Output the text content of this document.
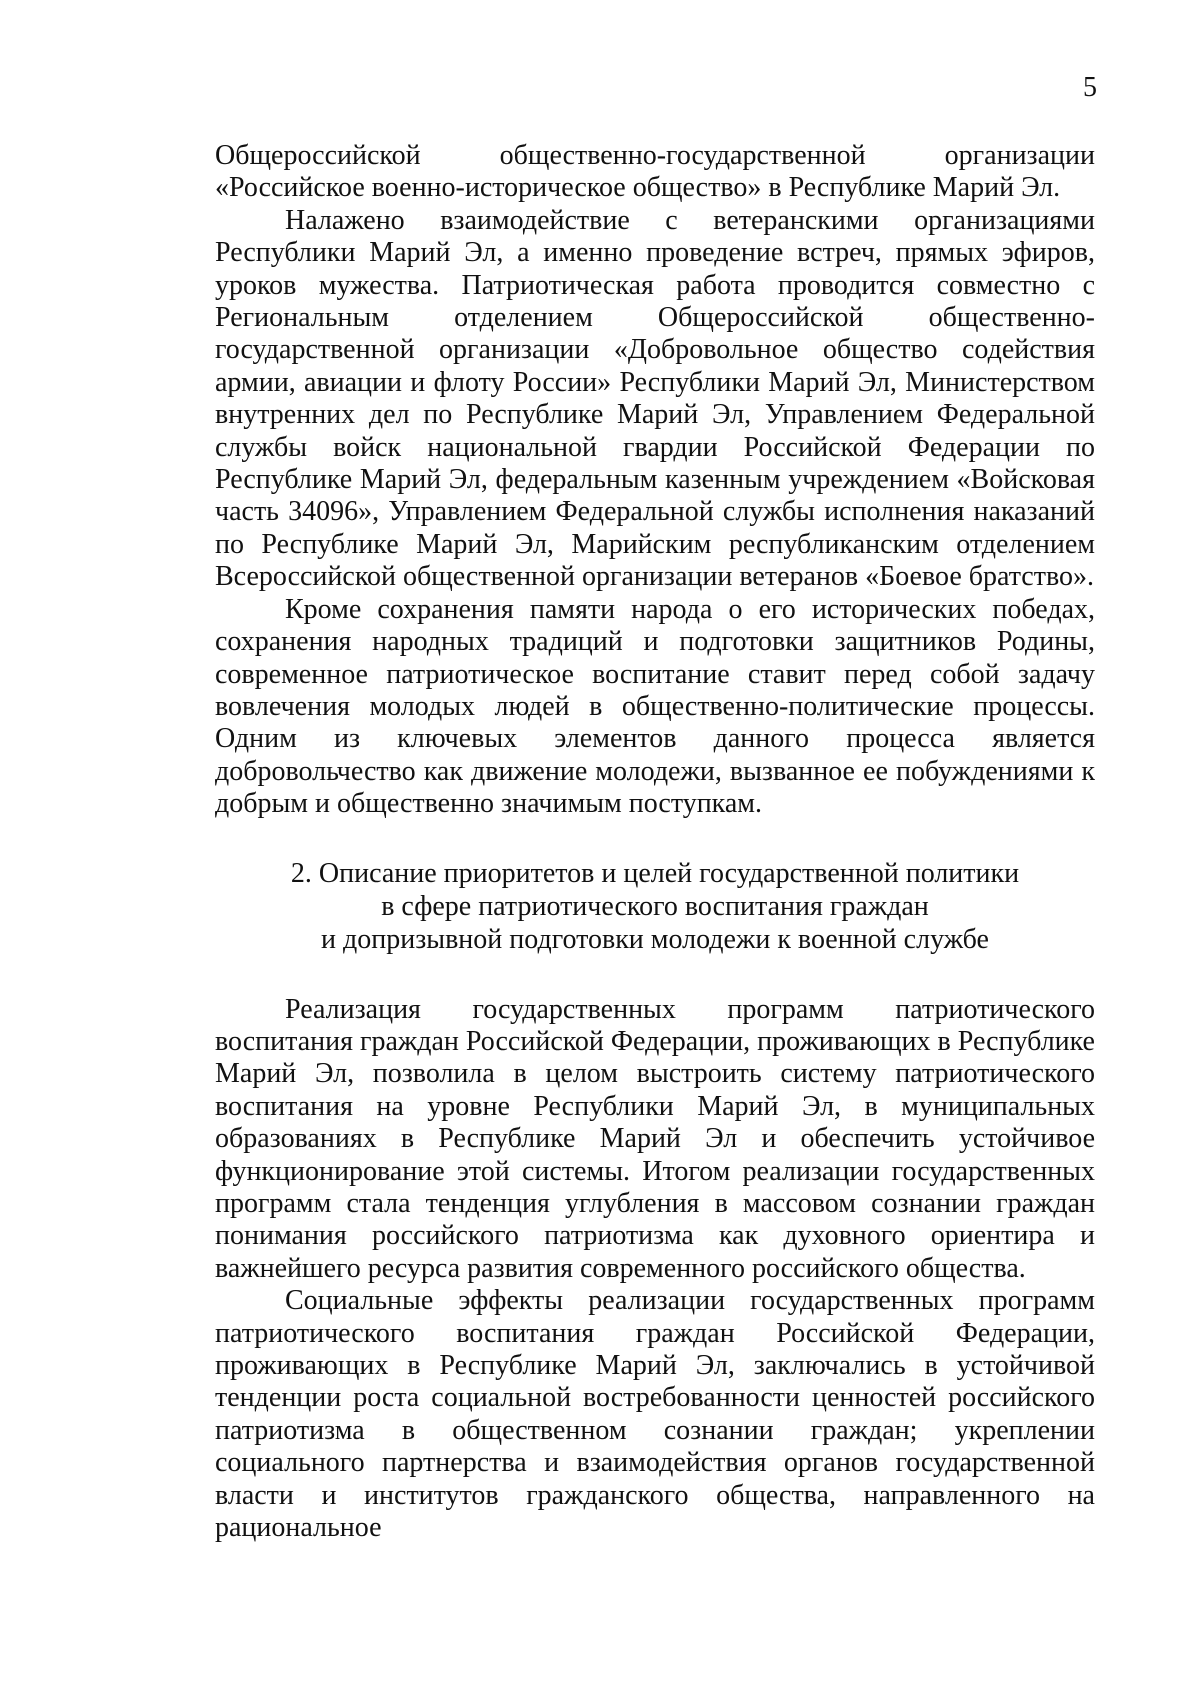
5

Общероссийской общественно-государственной организации «Российское военно-историческое общество» в Республике Марий Эл.

Налажено взаимодействие с ветеранскими организациями Республики Марий Эл, а именно проведение встреч, прямых эфиров, уроков мужества. Патриотическая работа проводится совместно с Региональным отделением Общероссийской общественно-государственной организации «Добровольное общество содействия армии, авиации и флоту России» Республики Марий Эл, Министерством внутренних дел по Республике Марий Эл, Управлением Федеральной службы войск национальной гвардии Российской Федерации по Республике Марий Эл, федеральным казенным учреждением «Войсковая часть 34096», Управлением Федеральной службы исполнения наказаний по Республике Марий Эл, Марийским республиканским отделением Всероссийской общественной организации ветеранов «Боевое братство».

Кроме сохранения памяти народа о его исторических победах, сохранения народных традиций и подготовки защитников Родины, современное патриотическое воспитание ставит перед собой задачу вовлечения молодых людей в общественно-политические процессы. Одним из ключевых элементов данного процесса является добровольчество как движение молодежи, вызванное ее побуждениями к добрым и общественно значимым поступкам.

2. Описание приоритетов и целей государственной политики
в сфере патриотического воспитания граждан
и допризывной подготовки молодежи к военной службе

Реализация государственных программ патриотического воспитания граждан Российской Федерации, проживающих в Республике Марий Эл, позволила в целом выстроить систему патриотического воспитания на уровне Республики Марий Эл, в муниципальных образованиях в Республике Марий Эл и обеспечить устойчивое функционирование этой системы. Итогом реализации государственных программ стала тенденция углубления в массовом сознании граждан понимания российского патриотизма как духовного ориентира и важнейшего ресурса развития современного российского общества.

Социальные эффекты реализации государственных программ патриотического воспитания граждан Российской Федерации, проживающих в Республике Марий Эл, заключались в устойчивой тенденции роста социальной востребованности ценностей российского патриотизма в общественном сознании граждан; укреплении социального партнерства и взаимодействия органов государственной власти и институтов гражданского общества, направленного на рациональное
